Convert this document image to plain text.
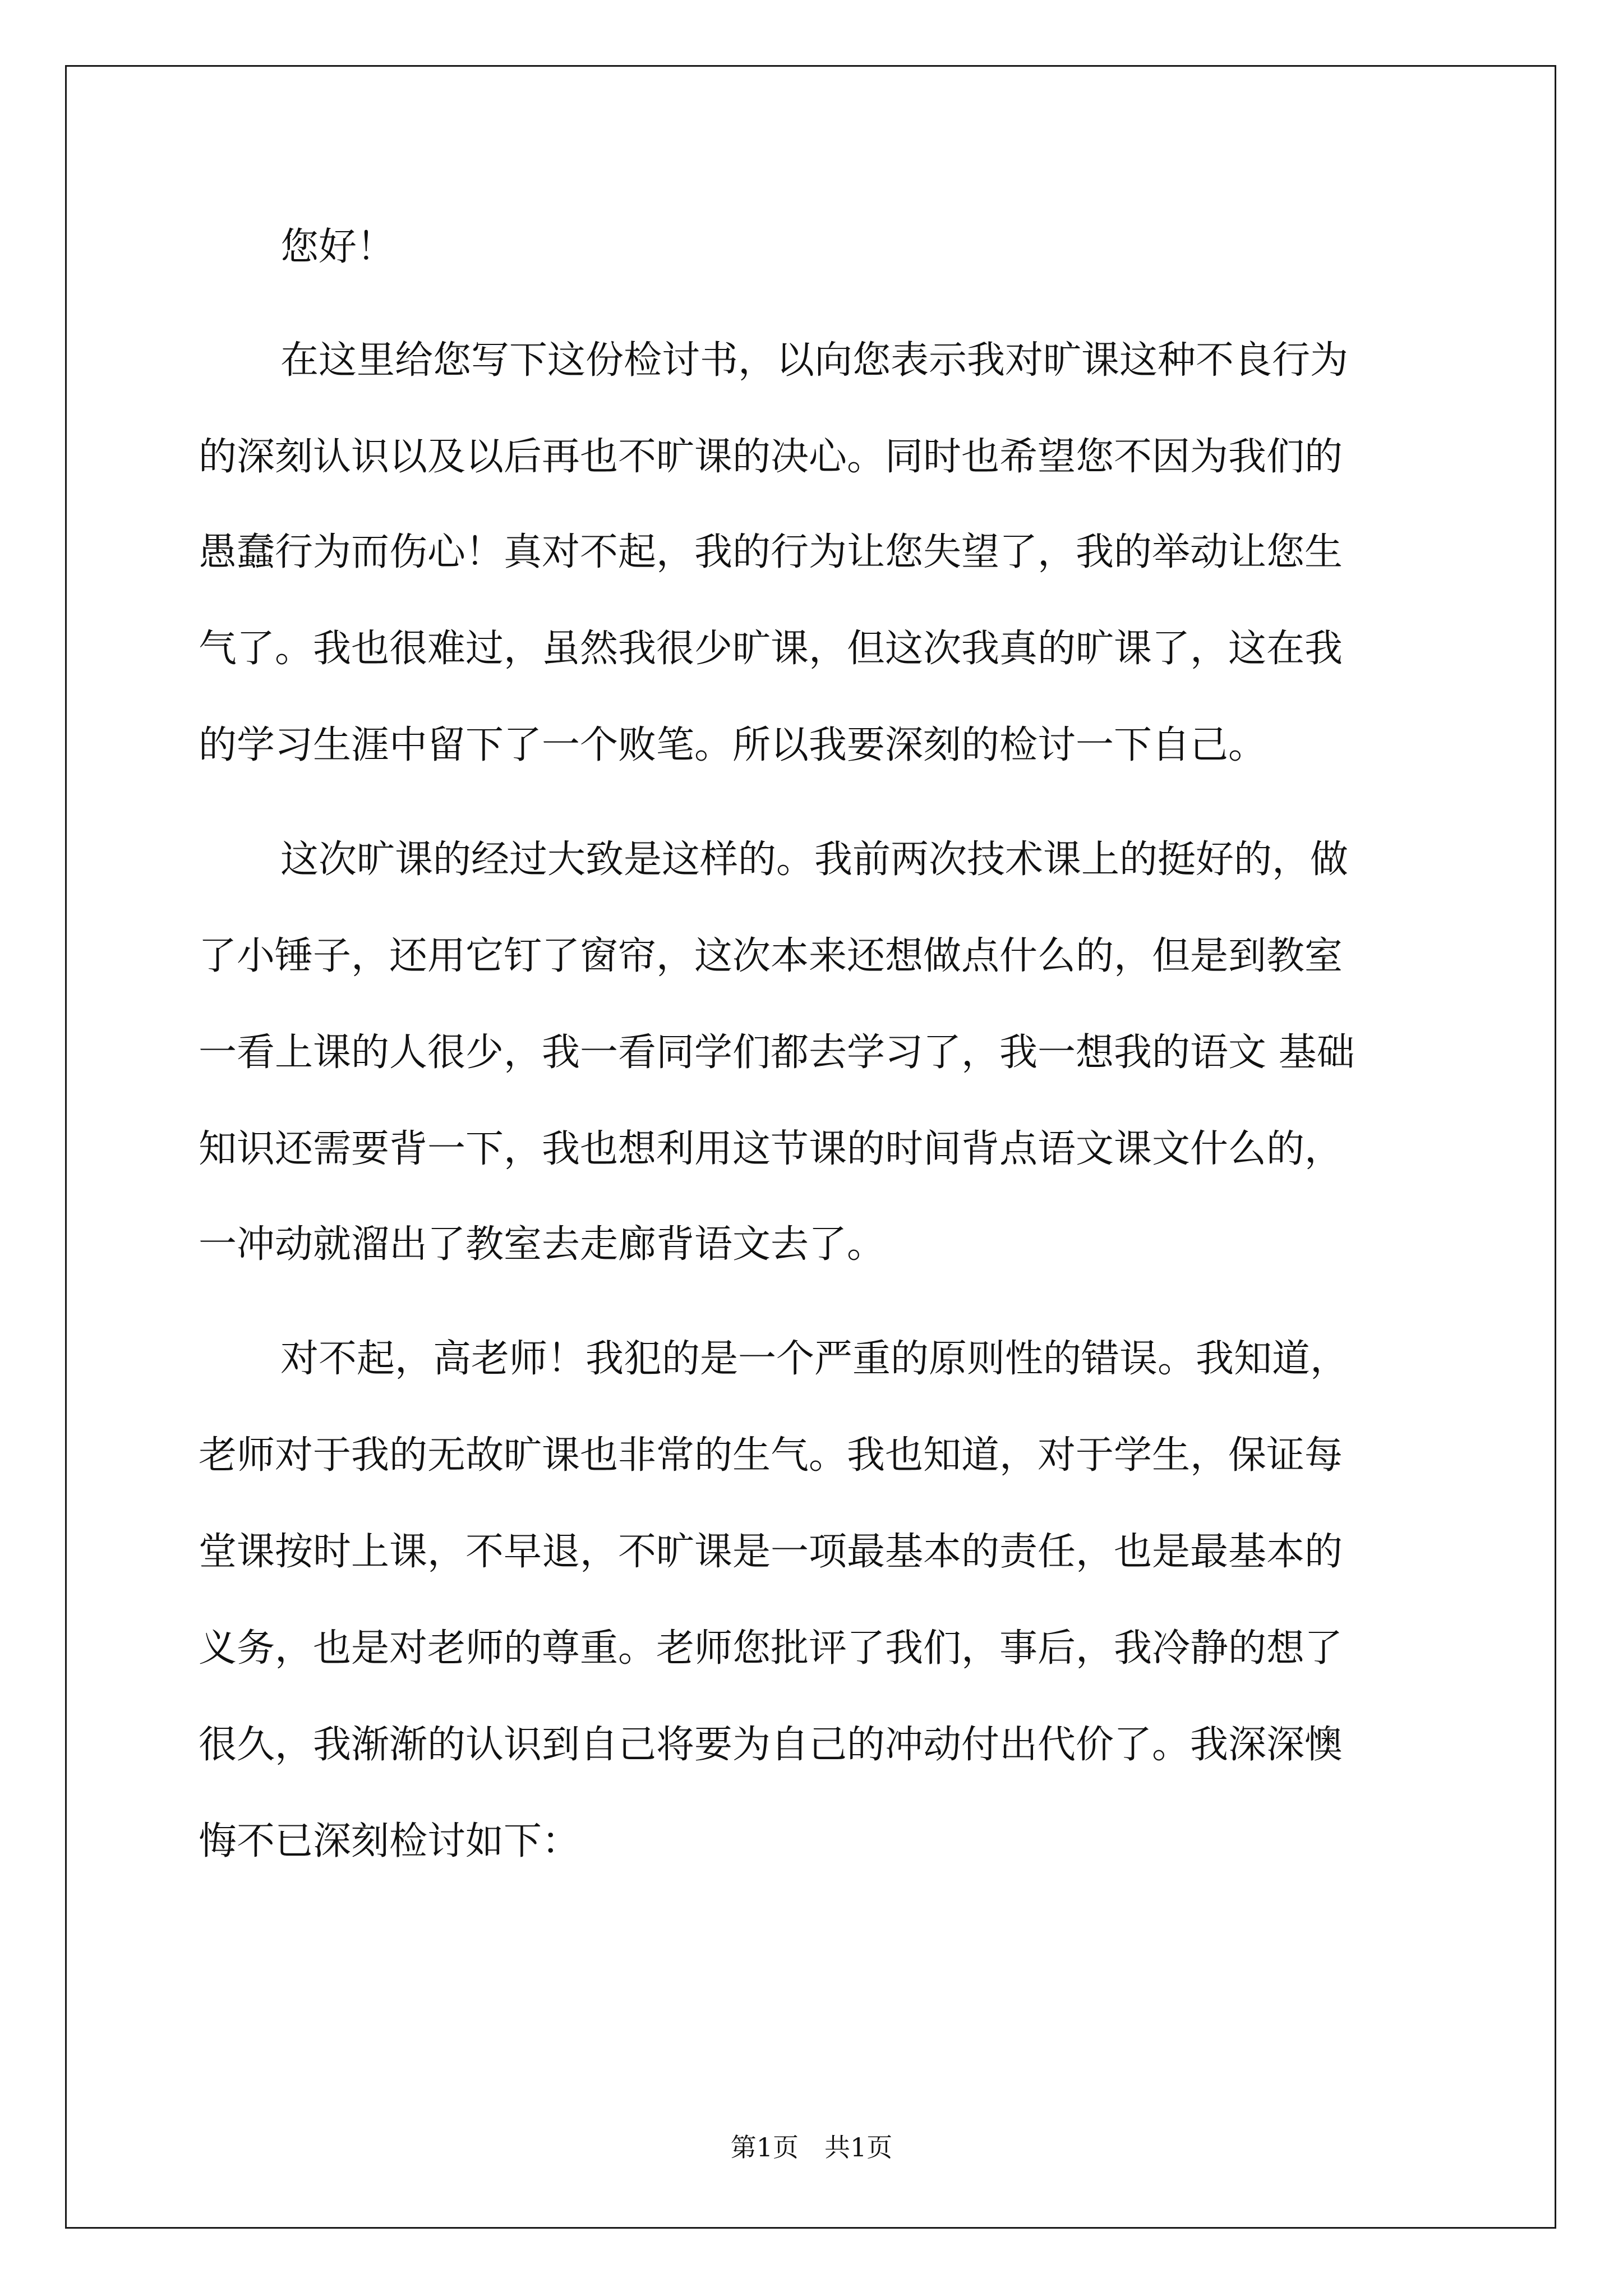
您好！
在这里给您写下这份检讨书，以向您表示我对旷课这种不良行为
的深刻认识以及以后再也不旷课的决心。同时也希望您不因为我们的
愚蠢行为而伤心！真对不起，我的行为让您失望了，我的举动让您生
气了。我也很难过，虽然我很少旷课，但这次我真的旷课了，这在我
的学习生涯中留下了一个败笔。所以我要深刻的检讨一下自己。
这次旷课的经过大致是这样的。我前两次技术课上的挺好的，做
了小锤子，还用它钉了窗帘，这次本来还想做点什么的，但是到教室
一看上课的人很少，我一看同学们都去学习了，我一想我的语文 基础
知识还需要背一下，我也想利用这节课的时间背点语文课文什么的，
一冲动就溜出了教室去走廊背语文去了。
对不起，高老师！我犯的是一个严重的原则性的错误。我知道，
老师对于我的无故旷课也非常的生气。我也知道，对于学生，保证每
堂课按时上课，不早退，不旷课是一项最基本的责任，也是最基本的
义务，也是对老师的尊重。老师您批评了我们，事后，我冷静的想了
很久，我渐渐的认识到自己将要为自己的冲动付出代价了。我深深懊
悔不已深刻检讨如下：
第1页　共1页
